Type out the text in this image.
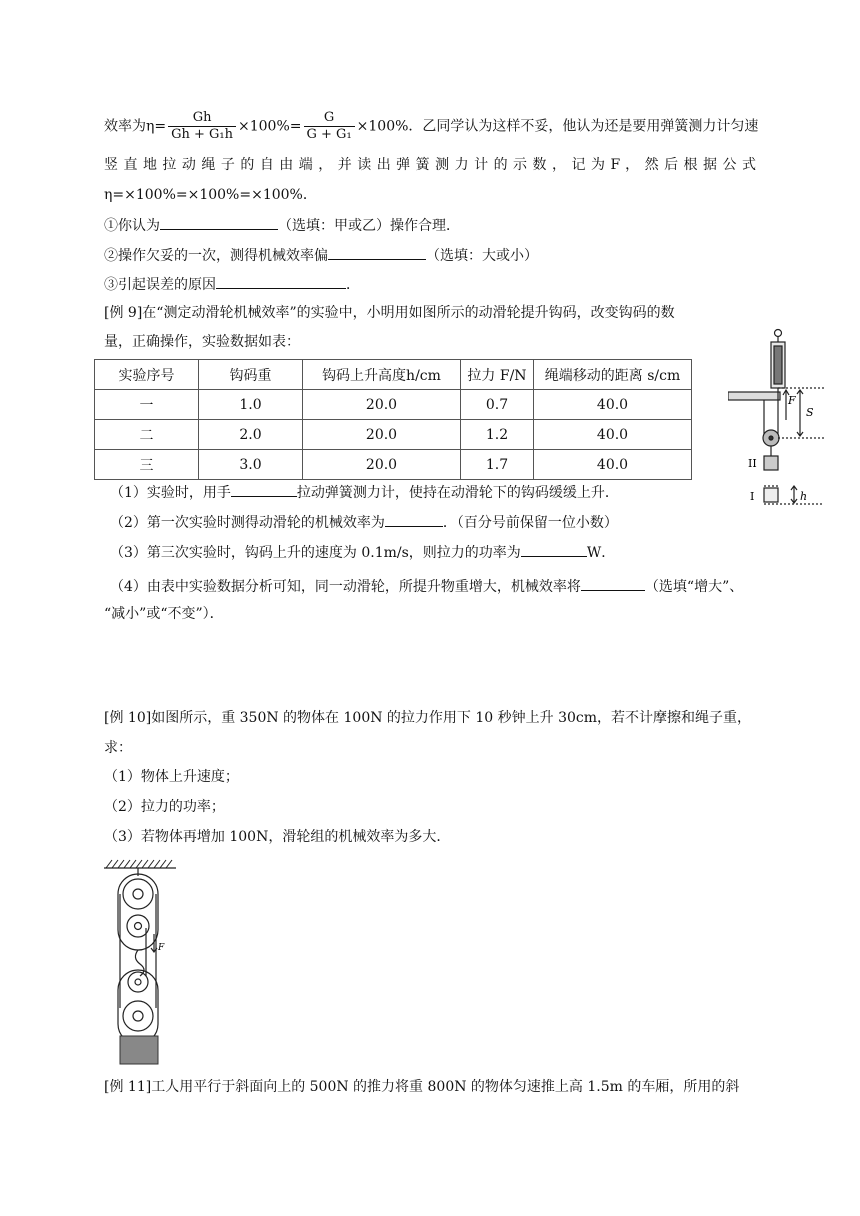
效率为$\eta= \frac{Gh}{\text{Gh + G₁h}} \times 100\%= \frac{G}{\text{G + G₁}} \times 100\%$．乙同学认为这样不妥，他认为还是要用弹簧测力计匀速
竖 直 地 拉 动 绳 子 的 自 由 端 ， 并 读 出 弹 簧 测 力 计 的 示 数 ， 记 为 F ， 然 后 根 据 公 式
η=×100%=×100%=×100%．
①你认为	（选填：甲或乙）操作合理．
②操作欠妥的一次，测得机械效率偏	（选填：大或小）
③引起误差的原因	．
[例 9]在“测定动滑轮机械效率”的实验中，小明用如图所示的动滑轮提升钩码，改变钩码的数
量，正确操作，实验数据如表：
实验序号	钩码重	钩码上升高度h/cm	拉力 F/N	绳端移动的距离 s/cm
一	1.0	20.0	0.7	40.0
二	2.0	20.0	1.2	40.0
三	3.0	20.0	1.7	40.0
F
S
II
I	h
（1）实验时，用手	拉动弹簧测力计，使持在动滑轮下的钩码缓缓上升．
（2）第一次实验时测得动滑轮的机械效率为	．（百分号前保留一位小数）
（3）第三次实验时，钩码上升的速度为 0.1m/s，则拉力的功率为	W．
（4）由表中实验数据分析可知，同一动滑轮，所提升物重增大，机械效率将	（选填“增大”、
“减小”或“不变”）．
[例 10]如图所示，重 350N 的物体在 100N 的拉力作用下 10 秒钟上升 30cm，若不计摩擦和绳子重，
求：
（1）物体上升速度；
（2）拉力的功率；
（3）若物体再增加 100N，滑轮组的机械效率为多大．
F
[例 11]工人用平行于斜面向上的 500N 的推力将重 800N 的物体匀速推上高 1.5m 的车厢，所用的斜
